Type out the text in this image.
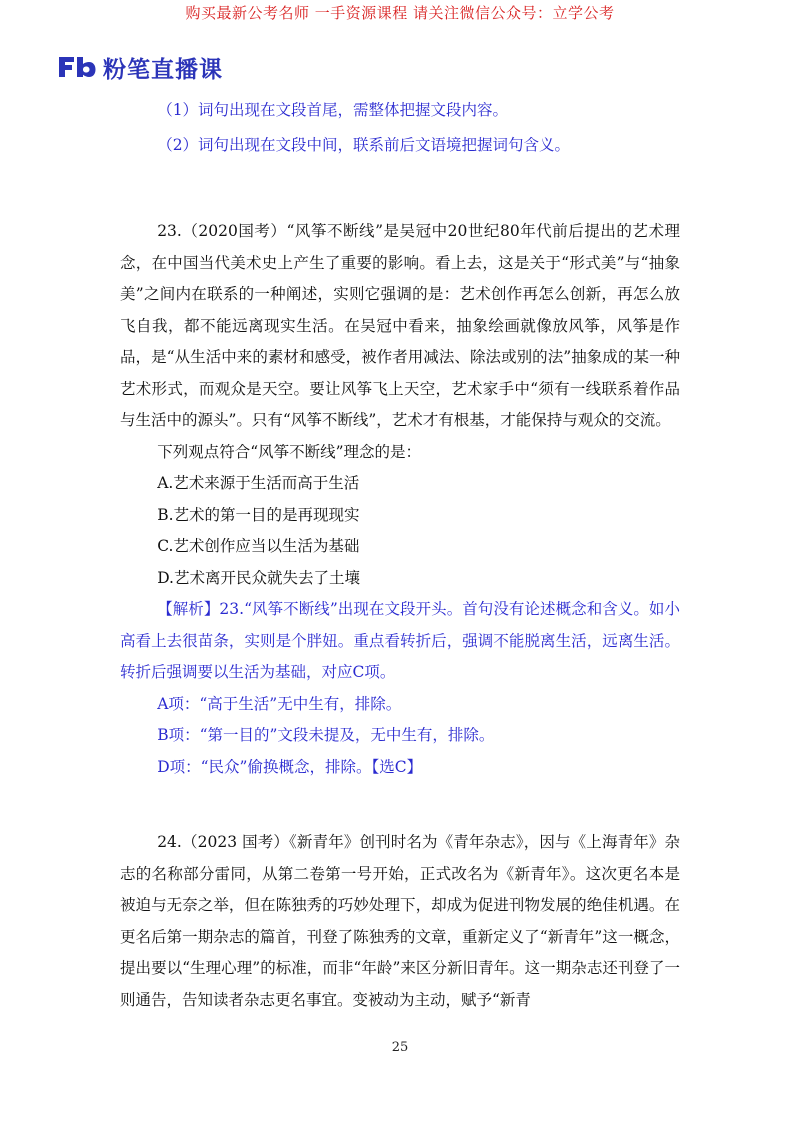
购买最新公考名师 一手资源课程 请关注微信公众号：立学公考
粉笔直播课

（1）词句出现在文段首尾，需整体把握文段内容。

（2）词句出现在文段中间，联系前后文语境把握词句含义。

23.（2020国考）“风筝不断线”是吴冠中20世纪80年代前后提出的艺术理念，在中国当代美术史上产生了重要的影响。看上去，这是关于“形式美”与“抽象美”之间内在联系的一种阐述，实则它强调的是：艺术创作再怎么创新，再怎么放飞自我，都不能远离现实生活。在吴冠中看来，抽象绘画就像放风筝，风筝是作品，是“从生活中来的素材和感受，被作者用减法、除法或别的法”抽象成的某一种艺术形式，而观众是天空。要让风筝飞上天空，艺术家手中“须有一线联系着作品与生活中的源头”。只有“风筝不断线”，艺术才有根基，才能保持与观众的交流。

下列观点符合“风筝不断线”理念的是：

A.艺术来源于生活而高于生活

B.艺术的第一目的是再现现实

C.艺术创作应当以生活为基础

D.艺术离开民众就失去了土壤

【解析】23.“风筝不断线”出现在文段开头。首句没有论述概念和含义。如小高看上去很苗条，实则是个胖妞。重点看转折后，强调不能脱离生活，远离生活。转折后强调要以生活为基础，对应C项。

A项：“高于生活”无中生有，排除。

B项：“第一目的”文段未提及，无中生有，排除。

D项：“民众”偷换概念，排除。【选C】

24.（2023 国考）《新青年》创刊时名为《青年杂志》，因与《上海青年》杂志的名称部分雷同，从第二卷第一号开始，正式改名为《新青年》。这次更名本是被迫与无奈之举，但在陈独秀的巧妙处理下，却成为促进刊物发展的绝佳机遇。在更名后第一期杂志的篇首，刊登了陈独秀的文章，重新定义了“新青年”这一概念，提出要以“生理心理”的标准，而非“年龄”来区分新旧青年。这一期杂志还刊登了一则通告，告知读者杂志更名事宜。变被动为主动，赋予“新青

25
